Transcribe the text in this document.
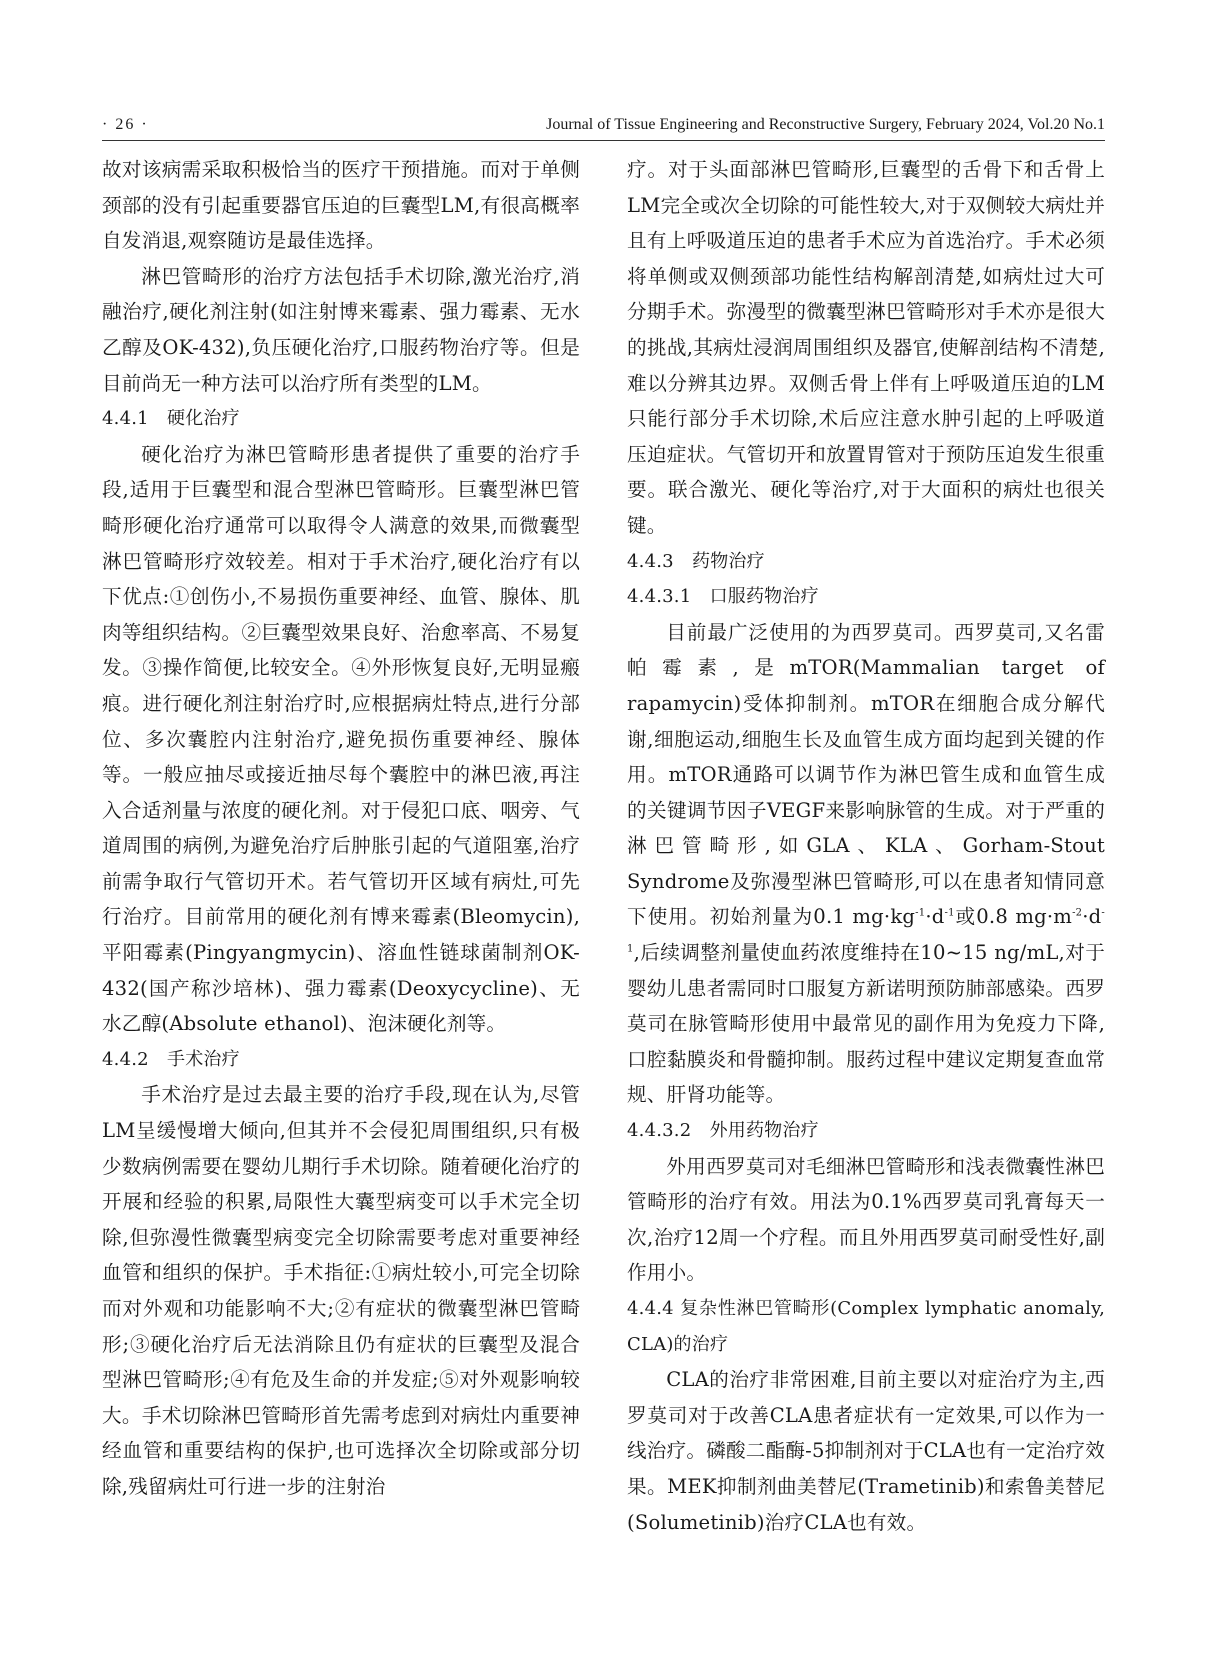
· 26 ·	Journal of Tissue Engineering and Reconstructive Surgery, February 2024, Vol.20 No.1

故对该病需采取积极恰当的医疗干预措施。而对于单侧颈部的没有引起重要器官压迫的巨囊型LM,有很高概率自发消退,观察随访是最佳选择。

淋巴管畸形的治疗方法包括手术切除,激光治疗,消融治疗,硬化剂注射(如注射博来霉素、强力霉素、无水乙醇及OK-432),负压硬化治疗,口服药物治疗等。但是目前尚无一种方法可以治疗所有类型的LM。

4.4.1　硬化治疗

硬化治疗为淋巴管畸形患者提供了重要的治疗手段,适用于巨囊型和混合型淋巴管畸形。巨囊型淋巴管畸形硬化治疗通常可以取得令人满意的效果,而微囊型淋巴管畸形疗效较差。相对于手术治疗,硬化治疗有以下优点:①创伤小,不易损伤重要神经、血管、腺体、肌肉等组织结构。②巨囊型效果良好、治愈率高、不易复发。③操作简便,比较安全。④外形恢复良好,无明显瘢痕。进行硬化剂注射治疗时,应根据病灶特点,进行分部位、多次囊腔内注射治疗,避免损伤重要神经、腺体等。一般应抽尽或接近抽尽每个囊腔中的淋巴液,再注入合适剂量与浓度的硬化剂。对于侵犯口底、咽旁、气道周围的病例,为避免治疗后肿胀引起的气道阻塞,治疗前需争取行气管切开术。若气管切开区域有病灶,可先行治疗。目前常用的硬化剂有博来霉素(Bleomycin),平阳霉素(Pingyangmycin)、溶血性链球菌制剂OK-432(国产称沙培林)、强力霉素(Deoxycycline)、无水乙醇(Absolute ethanol)、泡沫硬化剂等。

4.4.2　手术治疗

手术治疗是过去最主要的治疗手段,现在认为,尽管LM呈缓慢增大倾向,但其并不会侵犯周围组织,只有极少数病例需要在婴幼儿期行手术切除。随着硬化治疗的开展和经验的积累,局限性大囊型病变可以手术完全切除,但弥漫性微囊型病变完全切除需要考虑对重要神经血管和组织的保护。手术指征:①病灶较小,可完全切除而对外观和功能影响不大;②有症状的微囊型淋巴管畸形;③硬化治疗后无法消除且仍有症状的巨囊型及混合型淋巴管畸形;④有危及生命的并发症;⑤对外观影响较大。手术切除淋巴管畸形首先需考虑到对病灶内重要神经血管和重要结构的保护,也可选择次全切除或部分切除,残留病灶可行进一步的注射治

疗。对于头面部淋巴管畸形,巨囊型的舌骨下和舌骨上LM完全或次全切除的可能性较大,对于双侧较大病灶并且有上呼吸道压迫的患者手术应为首选治疗。手术必须将单侧或双侧颈部功能性结构解剖清楚,如病灶过大可分期手术。弥漫型的微囊型淋巴管畸形对手术亦是很大的挑战,其病灶浸润周围组织及器官,使解剖结构不清楚,难以分辨其边界。双侧舌骨上伴有上呼吸道压迫的LM只能行部分手术切除,术后应注意水肿引起的上呼吸道压迫症状。气管切开和放置胃管对于预防压迫发生很重要。联合激光、硬化等治疗,对于大面积的病灶也很关键。

4.4.3　药物治疗

4.4.3.1　口服药物治疗

目前最广泛使用的为西罗莫司。西罗莫司,又名雷帕霉素,是mTOR(Mammalian target of rapamycin)受体抑制剂。mTOR在细胞合成分解代谢,细胞运动,细胞生长及血管生成方面均起到关键的作用。mTOR通路可以调节作为淋巴管生成和血管生成的关键调节因子VEGF来影响脉管的生成。对于严重的淋巴管畸形,如GLA、KLA、Gorham-Stout Syndrome及弥漫型淋巴管畸形,可以在患者知情同意下使用。初始剂量为0.1 $mg\cdot kg^{-1}\cdot d^{-1}$或0.8 $mg\cdot m^{-2}\cdot d^{-1}$,后续调整剂量使血药浓度维持在10~15 ng/mL,对于婴幼儿患者需同时口服复方新诺明预防肺部感染。西罗莫司在脉管畸形使用中最常见的副作用为免疫力下降,口腔黏膜炎和骨髓抑制。服药过程中建议定期复查血常规、肝肾功能等。

4.4.3.2　外用药物治疗

外用西罗莫司对毛细淋巴管畸形和浅表微囊性淋巴管畸形的治疗有效。用法为0.1%西罗莫司乳膏每天一次,治疗12周一个疗程。而且外用西罗莫司耐受性好,副作用小。

4.4.4 复杂性淋巴管畸形(Complex lymphatic anomaly, CLA)的治疗

CLA的治疗非常困难,目前主要以对症治疗为主,西罗莫司对于改善CLA患者症状有一定效果,可以作为一线治疗。磷酸二酯酶-5抑制剂对于CLA也有一定治疗效果。MEK抑制剂曲美替尼(Trametinib)和索鲁美替尼(Solumetinib)治疗CLA也有效。
